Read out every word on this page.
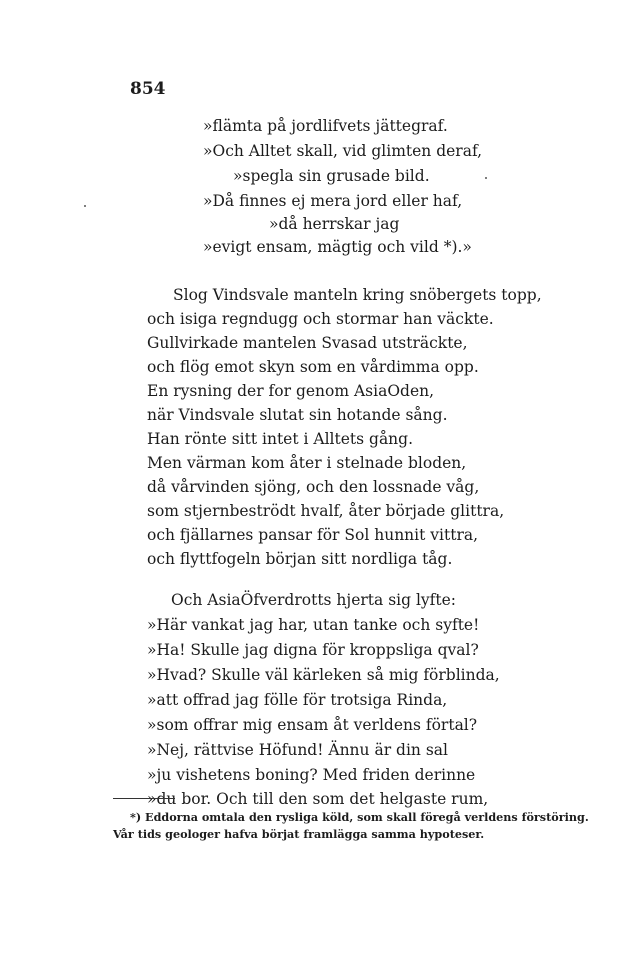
854
»flämta på jordlifvets jättegraf.
»Och Alltet skall, vid glimten deraf,
»spegla sin grusade bild.
»Då finnes ej mera jord eller haf,
»då herrskar jag
»evigt ensam, mägtig och vild *).»
Slog Vindsvale manteln kring snöbergets topp,
och isiga regndugg och stormar han väckte.
Gullvirkade mantelen Svasad utsträckte,
och flög emot skyn som en vårdimma opp.
En rysning der for genom AsiaOden,
när Vindsvale slutat sin hotande sång.
Han rönte sitt intet i Alltets gång.
Men värman kom åter i stelnade bloden,
då vårvinden sjöng, och den lossnade våg,
som stjernbeströdt hvalf, åter började glittra,
och fjällarnes pansar för Sol hunnit vittra,
och flyttfogeln början sitt nordliga tåg.
Och AsiaÖfverdrotts hjerta sig lyfte:
»Här vankat jag har, utan tanke och syfte!
»Ha! Skulle jag digna för kroppsliga qval?
»Hvad? Skulle väl kärleken så mig förblinda,
»att offrad jag fölle för trotsiga Rinda,
»som offrar mig ensam åt verldens förtal?
»Nej, rättvise Höfund! Ännu är din sal
»ju vishetens boning? Med friden derinne
»du bor. Och till den som det helgaste rum,
*) Eddorna omtala den rysliga köld, som skall föregå verldens förstöring.
Vår tids geologer hafva börjat framlägga samma hypoteser.
